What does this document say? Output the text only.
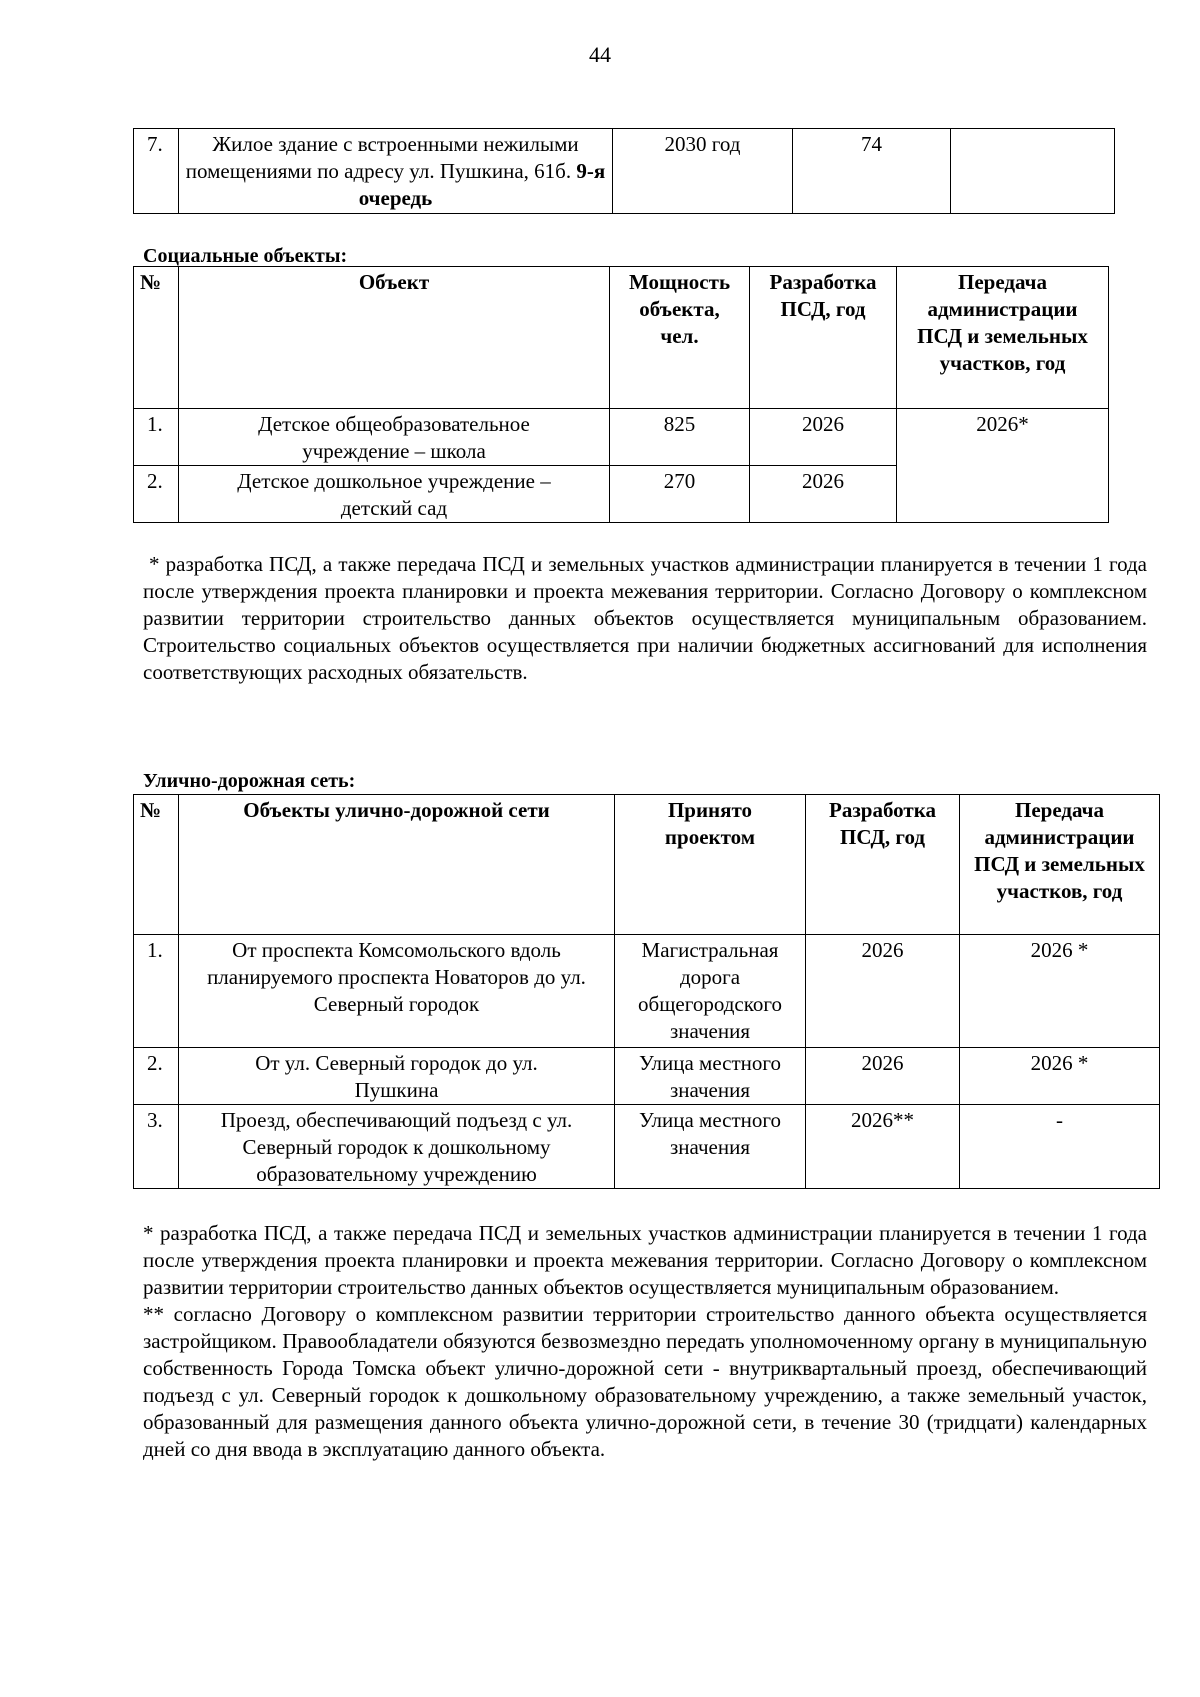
44
7.	Жилое здание с встроенными нежилыми помещениями по адресу ул. Пушкина, 61б. 9-я очередь	2030 год	74	
Социальные объекты:
№	Объект	Мощность объекта, чел.	Разработка ПСД, год	Передача администрации ПСД и земельных участков, год
1.	Детское общеобразовательное учреждение – школа	825	2026	2026*
2.	Детское дошкольное учреждение – детский сад	270	2026	
* разработка ПСД, а также передача ПСД и земельных участков администрации планируется в течении 1 года после утверждения проекта планировки и проекта межевания территории. Согласно Договору о комплексном развитии территории строительство данных объектов осуществляется муниципальным образованием. Строительство социальных объектов осуществляется при наличии бюджетных ассигнований для исполнения соответствующих расходных обязательств.
Улично-дорожная сеть:
№	Объекты улично-дорожной сети	Принято проектом	Разработка ПСД, год	Передача администрации ПСД и земельных участков, год
1.	От проспекта Комсомольского вдоль планируемого проспекта Новаторов до ул. Северный городок	Магистральная дорога общегородского значения	2026	2026 *
2.	От ул. Северный городок до ул. Пушкина	Улица местного значения	2026	2026 *
3.	Проезд, обеспечивающий подъезд с ул. Северный городок к дошкольному образовательному учреждению	Улица местного значения	2026**	-

* разработка ПСД, а также передача ПСД и земельных участков администрации планируется в течении 1 года после утверждения проекта планировки и проекта межевания территории. Согласно Договору о комплексном развитии территории строительство данных объектов осуществляется муниципальным образованием.

** согласно Договору о комплексном развитии территории строительство данного объекта осуществляется застройщиком. Правообладатели обязуются безвозмездно передать уполномоченному органу в муниципальную собственность Города Томска объект улично-дорожной сети - внутриквартальный проезд, обеспечивающий подъезд с ул. Северный городок к дошкольному образовательному учреждению, а также земельный участок, образованный для размещения данного объекта улично-дорожной сети, в течение 30 (тридцати) календарных дней со дня ввода в эксплуатацию данного объекта.
